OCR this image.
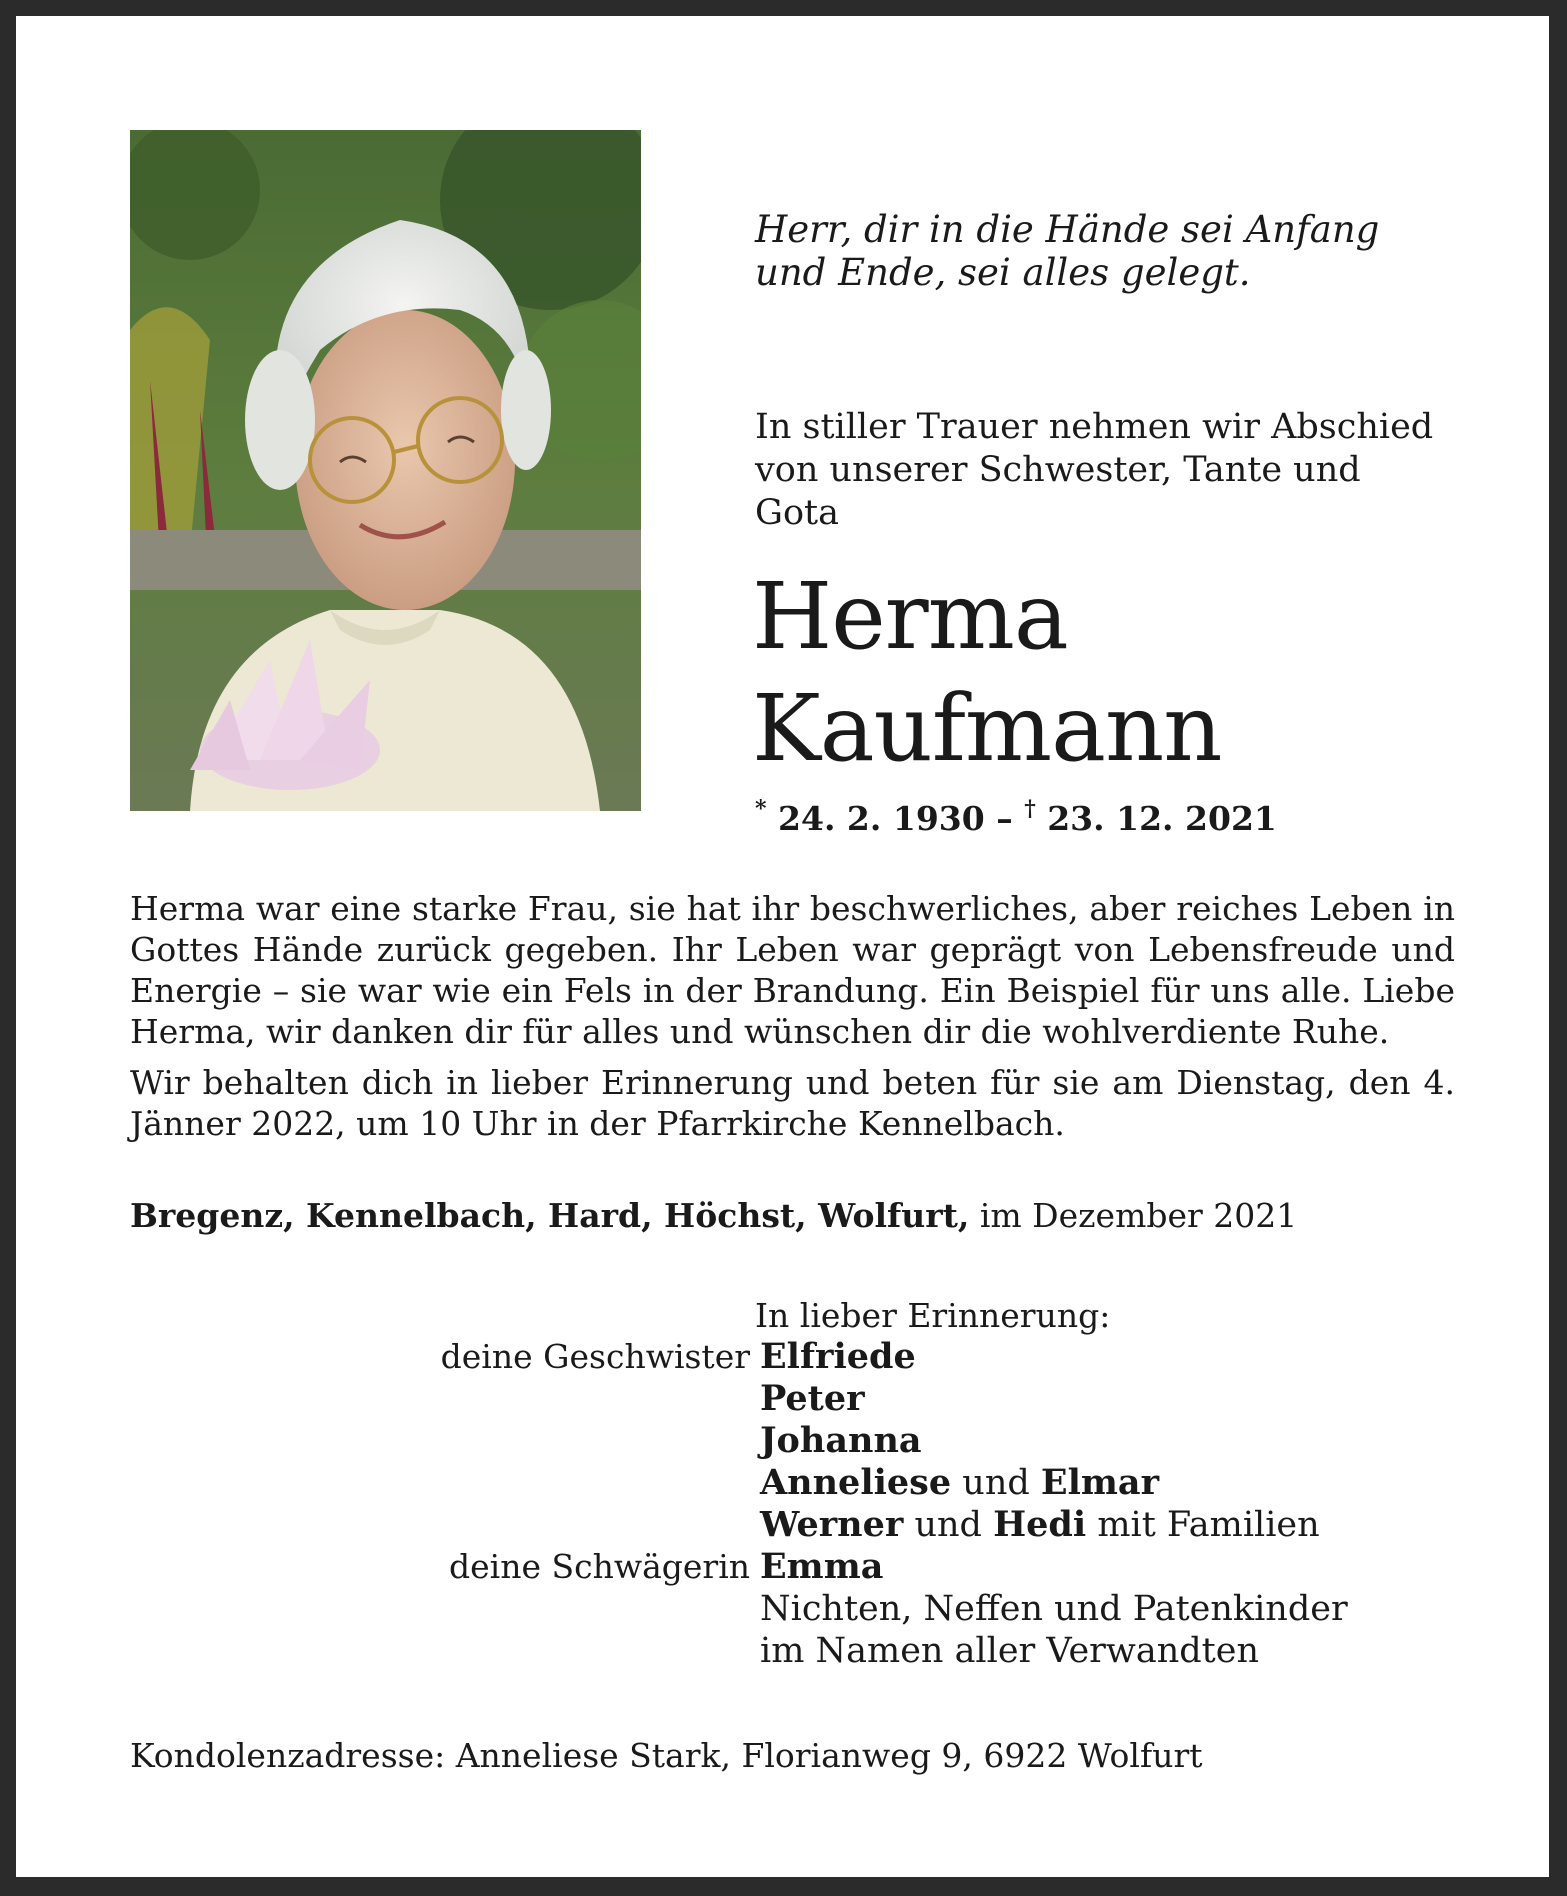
Herr, dir in die Hände sei Anfang
und Ende, sei alles gelegt.
In stiller Trauer nehmen wir Abschied
von unserer Schwester, Tante und Gota
Herma
Kaufmann
* 24. 2. 1930 – † 23. 12. 2021

Herma war eine starke Frau, sie hat ihr beschwerliches, aber reiches Leben in Gottes Hände zurück gegeben. Ihr Leben war geprägt von Lebensfreude und Energie – sie war wie ein Fels in der Brandung. Ein Beispiel für uns alle. Liebe Herma, wir danken dir für alles und wünschen dir die wohlverdiente Ruhe.

Wir behalten dich in lieber Erinnerung und beten für sie am Dienstag, den 4. Jänner 2022, um 10 Uhr in der Pfarrkirche Kennelbach.

Bregenz, Kennelbach, Hard, Höchst, Wolfurt, im Dezember 2021
In lieber Erinnerung:
deine Geschwister Elfriede
Peter
Johanna
Anneliese und Elmar
Werner und Hedi mit Familien
deine Schwägerin Emma
Nichten, Neffen und Patenkinder
im Namen aller Verwandten
Kondolenzadresse: Anneliese Stark, Florianweg 9, 6922 Wolfurt
